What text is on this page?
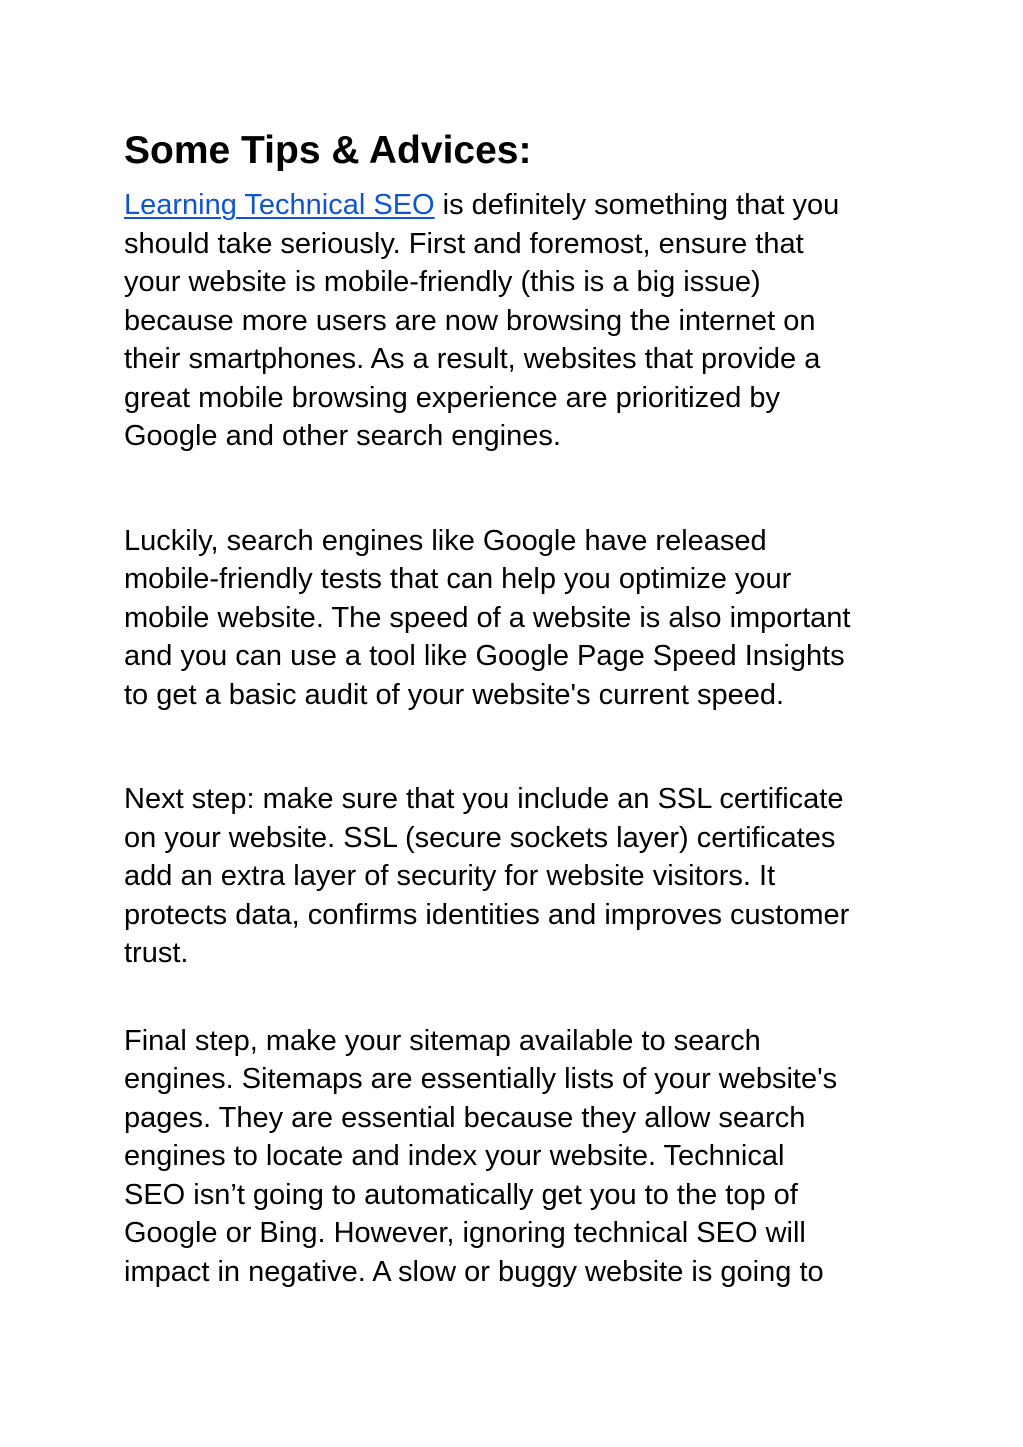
Some Tips & Advices:

Learning Technical SEO is definitely something that you
should take seriously. First and foremost, ensure that
your website is mobile-friendly (this is a big issue)
because more users are now browsing the internet on
their smartphones. As a result, websites that provide a
great mobile browsing experience are prioritized by
Google and other search engines.

Luckily, search engines like Google have released
mobile-friendly tests that can help you optimize your
mobile website. The speed of a website is also important
and you can use a tool like Google Page Speed Insights
to get a basic audit of your website's current speed.

Next step: make sure that you include an SSL certificate
on your website. SSL (secure sockets layer) certificates
add an extra layer of security for website visitors. It
protects data, confirms identities and improves customer
trust.

Final step, make your sitemap available to search
engines. Sitemaps are essentially lists of your website's
pages. They are essential because they allow search
engines to locate and index your website. Technical
SEO isn’t going to automatically get you to the top of
Google or Bing. However, ignoring technical SEO will
impact in negative. A slow or buggy website is going to
